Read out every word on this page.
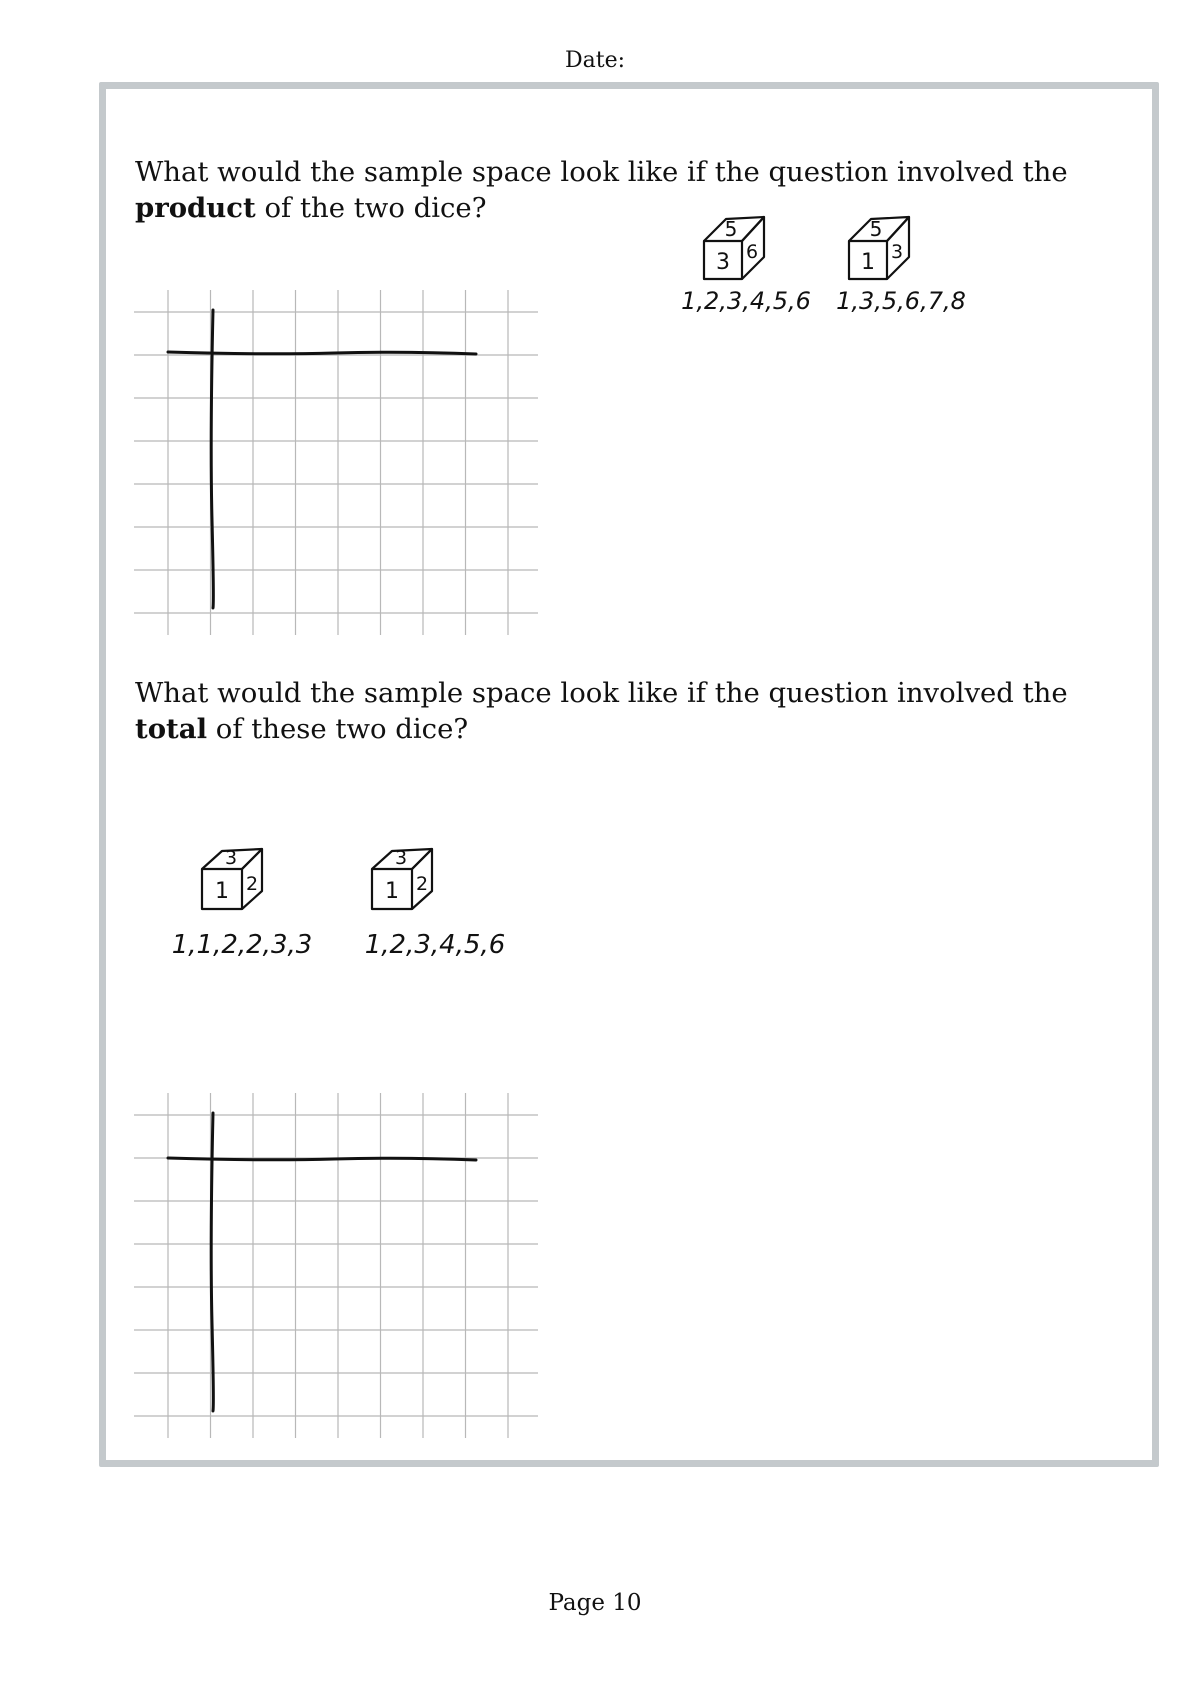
Date:
What would the sample space look like if the question involved the
product of the two dice?
5
3 6
1,2,3,4,5,6
5
1 3
1,3,5,6,7,8
What would the sample space look like if the question involved the
total of these two dice?
3
1 2
1,1,2,2,3,3
3
1 2
1,2,3,4,5,6
Page 10
